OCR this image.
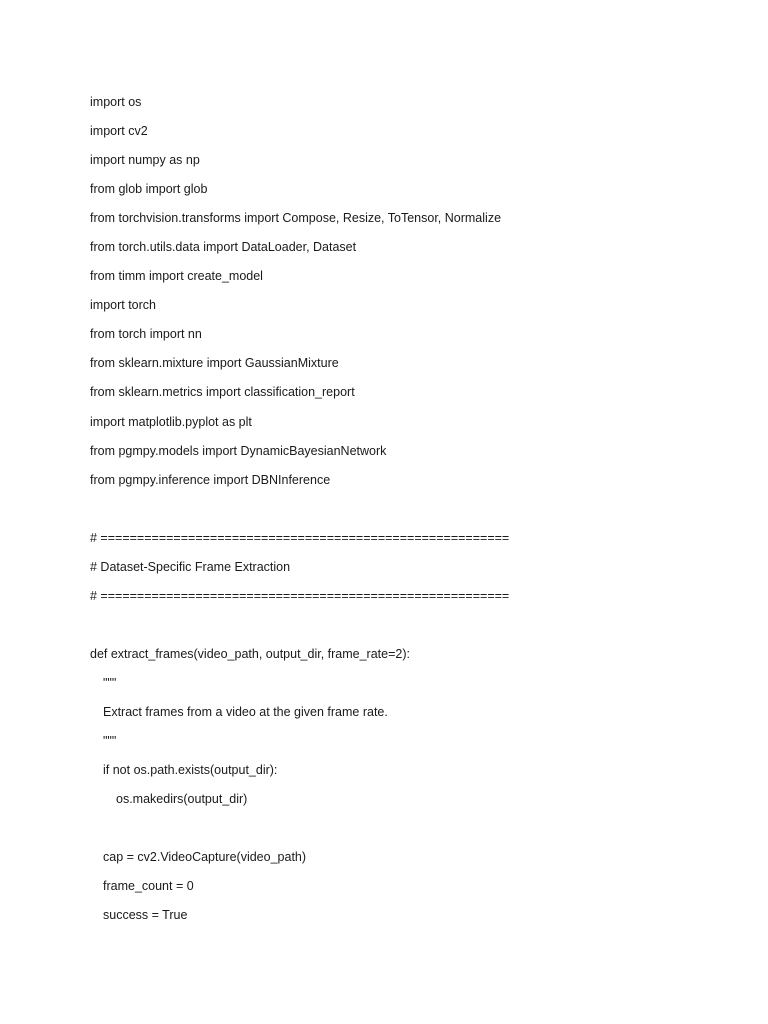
import os
import cv2
import numpy as np
from glob import glob
from torchvision.transforms import Compose, Resize, ToTensor, Normalize
from torch.utils.data import DataLoader, Dataset
from timm import create_model
import torch
from torch import nn
from sklearn.mixture import GaussianMixture
from sklearn.metrics import classification_report
import matplotlib.pyplot as plt
from pgmpy.models import DynamicBayesianNetwork
from pgmpy.inference import DBNInference
# ========================================================
# Dataset-Specific Frame Extraction
# ========================================================
def extract_frames(video_path, output_dir, frame_rate=2):
"""
Extract frames from a video at the given frame rate.
"""
if not os.path.exists(output_dir):
os.makedirs(output_dir)
cap = cv2.VideoCapture(video_path)
frame_count = 0
success = True
